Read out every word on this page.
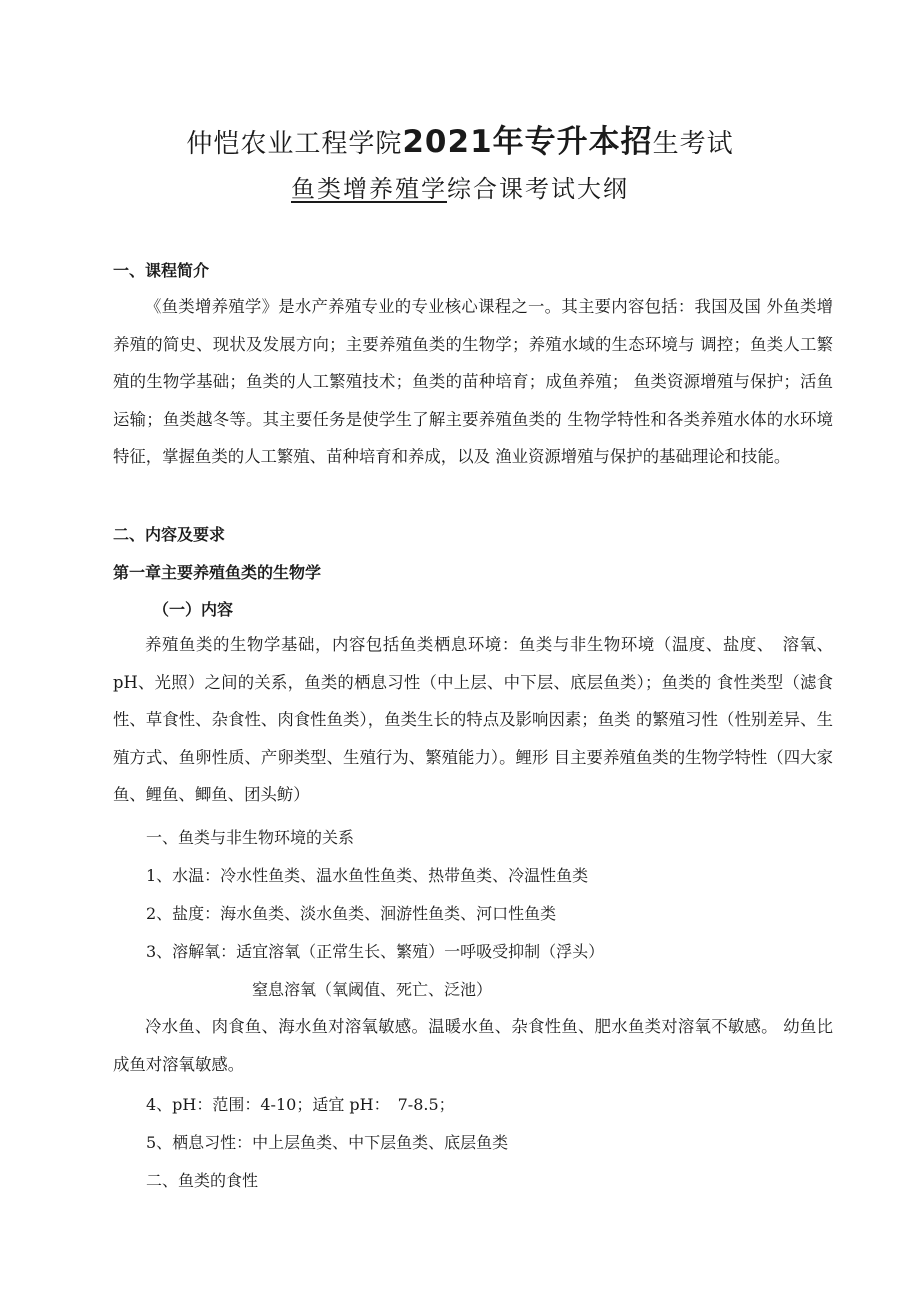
仲恺农业工程学院2021年专升本招生考试
鱼类增养殖学综合课考试大纲
一、课程简介

《鱼类增养殖学》是水产养殖专业的专业核心课程之一。其主要内容包括：我国及国 外鱼类增养殖的简史、现状及发展方向；主要养殖鱼类的生物学；养殖水域的生态环境与 调控；鱼类人工繁殖的生物学基础；鱼类的人工繁殖技术；鱼类的苗种培育；成鱼养殖； 鱼类资源增殖与保护；活鱼运输；鱼类越冬等。其主要任务是使学生了解主要养殖鱼类的 生物学特性和各类养殖水体的水环境特征，掌握鱼类的人工繁殖、苗种培育和养成，以及 渔业资源增殖与保护的基础理论和技能。

二、内容及要求
第一章主要养殖鱼类的生物学
（一）内容

养殖鱼类的生物学基础，内容包括鱼类栖息环境：鱼类与非生物环境（温度、盐度、　溶氧、pH、光照）之间的关系，鱼类的栖息习性（中上层、中下层、底层鱼类）；鱼类的 食性类型（滤食性、草食性、杂食性、肉食性鱼类），鱼类生长的特点及影响因素；鱼类 的繁殖习性（性别差异、生殖方式、鱼卵性质、产卵类型、生殖行为、繁殖能力）。鲤形 目主要养殖鱼类的生物学特性（四大家鱼、鲤鱼、鲫鱼、团头鲂）

一、鱼类与非生物环境的关系
1、水温：冷水性鱼类、温水鱼性鱼类、热带鱼类、冷温性鱼类
2、盐度：海水鱼类、淡水鱼类、洄游性鱼类、河口性鱼类
3、溶解氧：适宜溶氧（正常生长、繁殖）一呼吸受抑制（浮头）
窒息溶氧（氧阈值、死亡、泛池）

冷水鱼、肉食鱼、海水鱼对溶氧敏感。温暖水鱼、杂食性鱼、肥水鱼类对溶氧不敏感。 幼鱼比成鱼对溶氧敏感。

4、pH：范围：4-10；适宜 pH：　7-8.5；
5、栖息习性：中上层鱼类、中下层鱼类、底层鱼类
二、鱼类的食性
